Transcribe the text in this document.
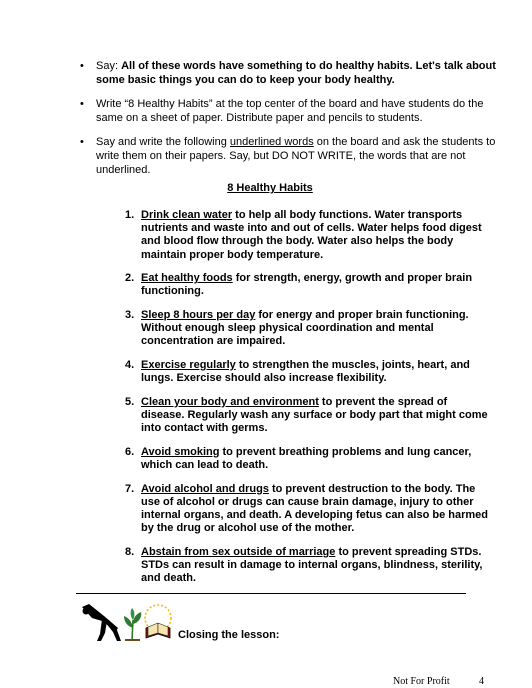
• Say: All of these words have something to do healthy habits. Let's talk about some basic things you can do to keep your body healthy.
• Write “8 Healthy Habits” at the top center of the board and have students do the same on a sheet of paper. Distribute paper and pencils to students.
• Say and write the following underlined words on the board and ask the students to write them on their papers. Say, but DO NOT WRITE, the words that are not underlined.
8 Healthy Habits
1. Drink clean water to help all body functions. Water transports nutrients and waste into and out of cells. Water helps food digest and blood flow through the body. Water also helps the body maintain proper body temperature.
2. Eat healthy foods for strength, energy, growth and proper brain functioning.
3. Sleep 8 hours per day for energy and proper brain functioning. Without enough sleep physical coordination and mental concentration are impaired.
4. Exercise regularly to strengthen the muscles, joints, heart, and lungs. Exercise should also increase flexibility.
5. Clean your body and environment to prevent the spread of disease. Regularly wash any surface or body part that might come into contact with germs.
6. Avoid smoking to prevent breathing problems and lung cancer, which can lead to death.
7. Avoid alcohol and drugs to prevent destruction to the body. The use of alcohol or drugs can cause brain damage, injury to other internal organs, and death. A developing fetus can also be harmed by the drug or alcohol use of the mother.
8. Abstain from sex outside of marriage to prevent spreading STDs. STDs can result in damage to internal organs, blindness, sterility, and death.
Closing the lesson:
Not For Profit	4
